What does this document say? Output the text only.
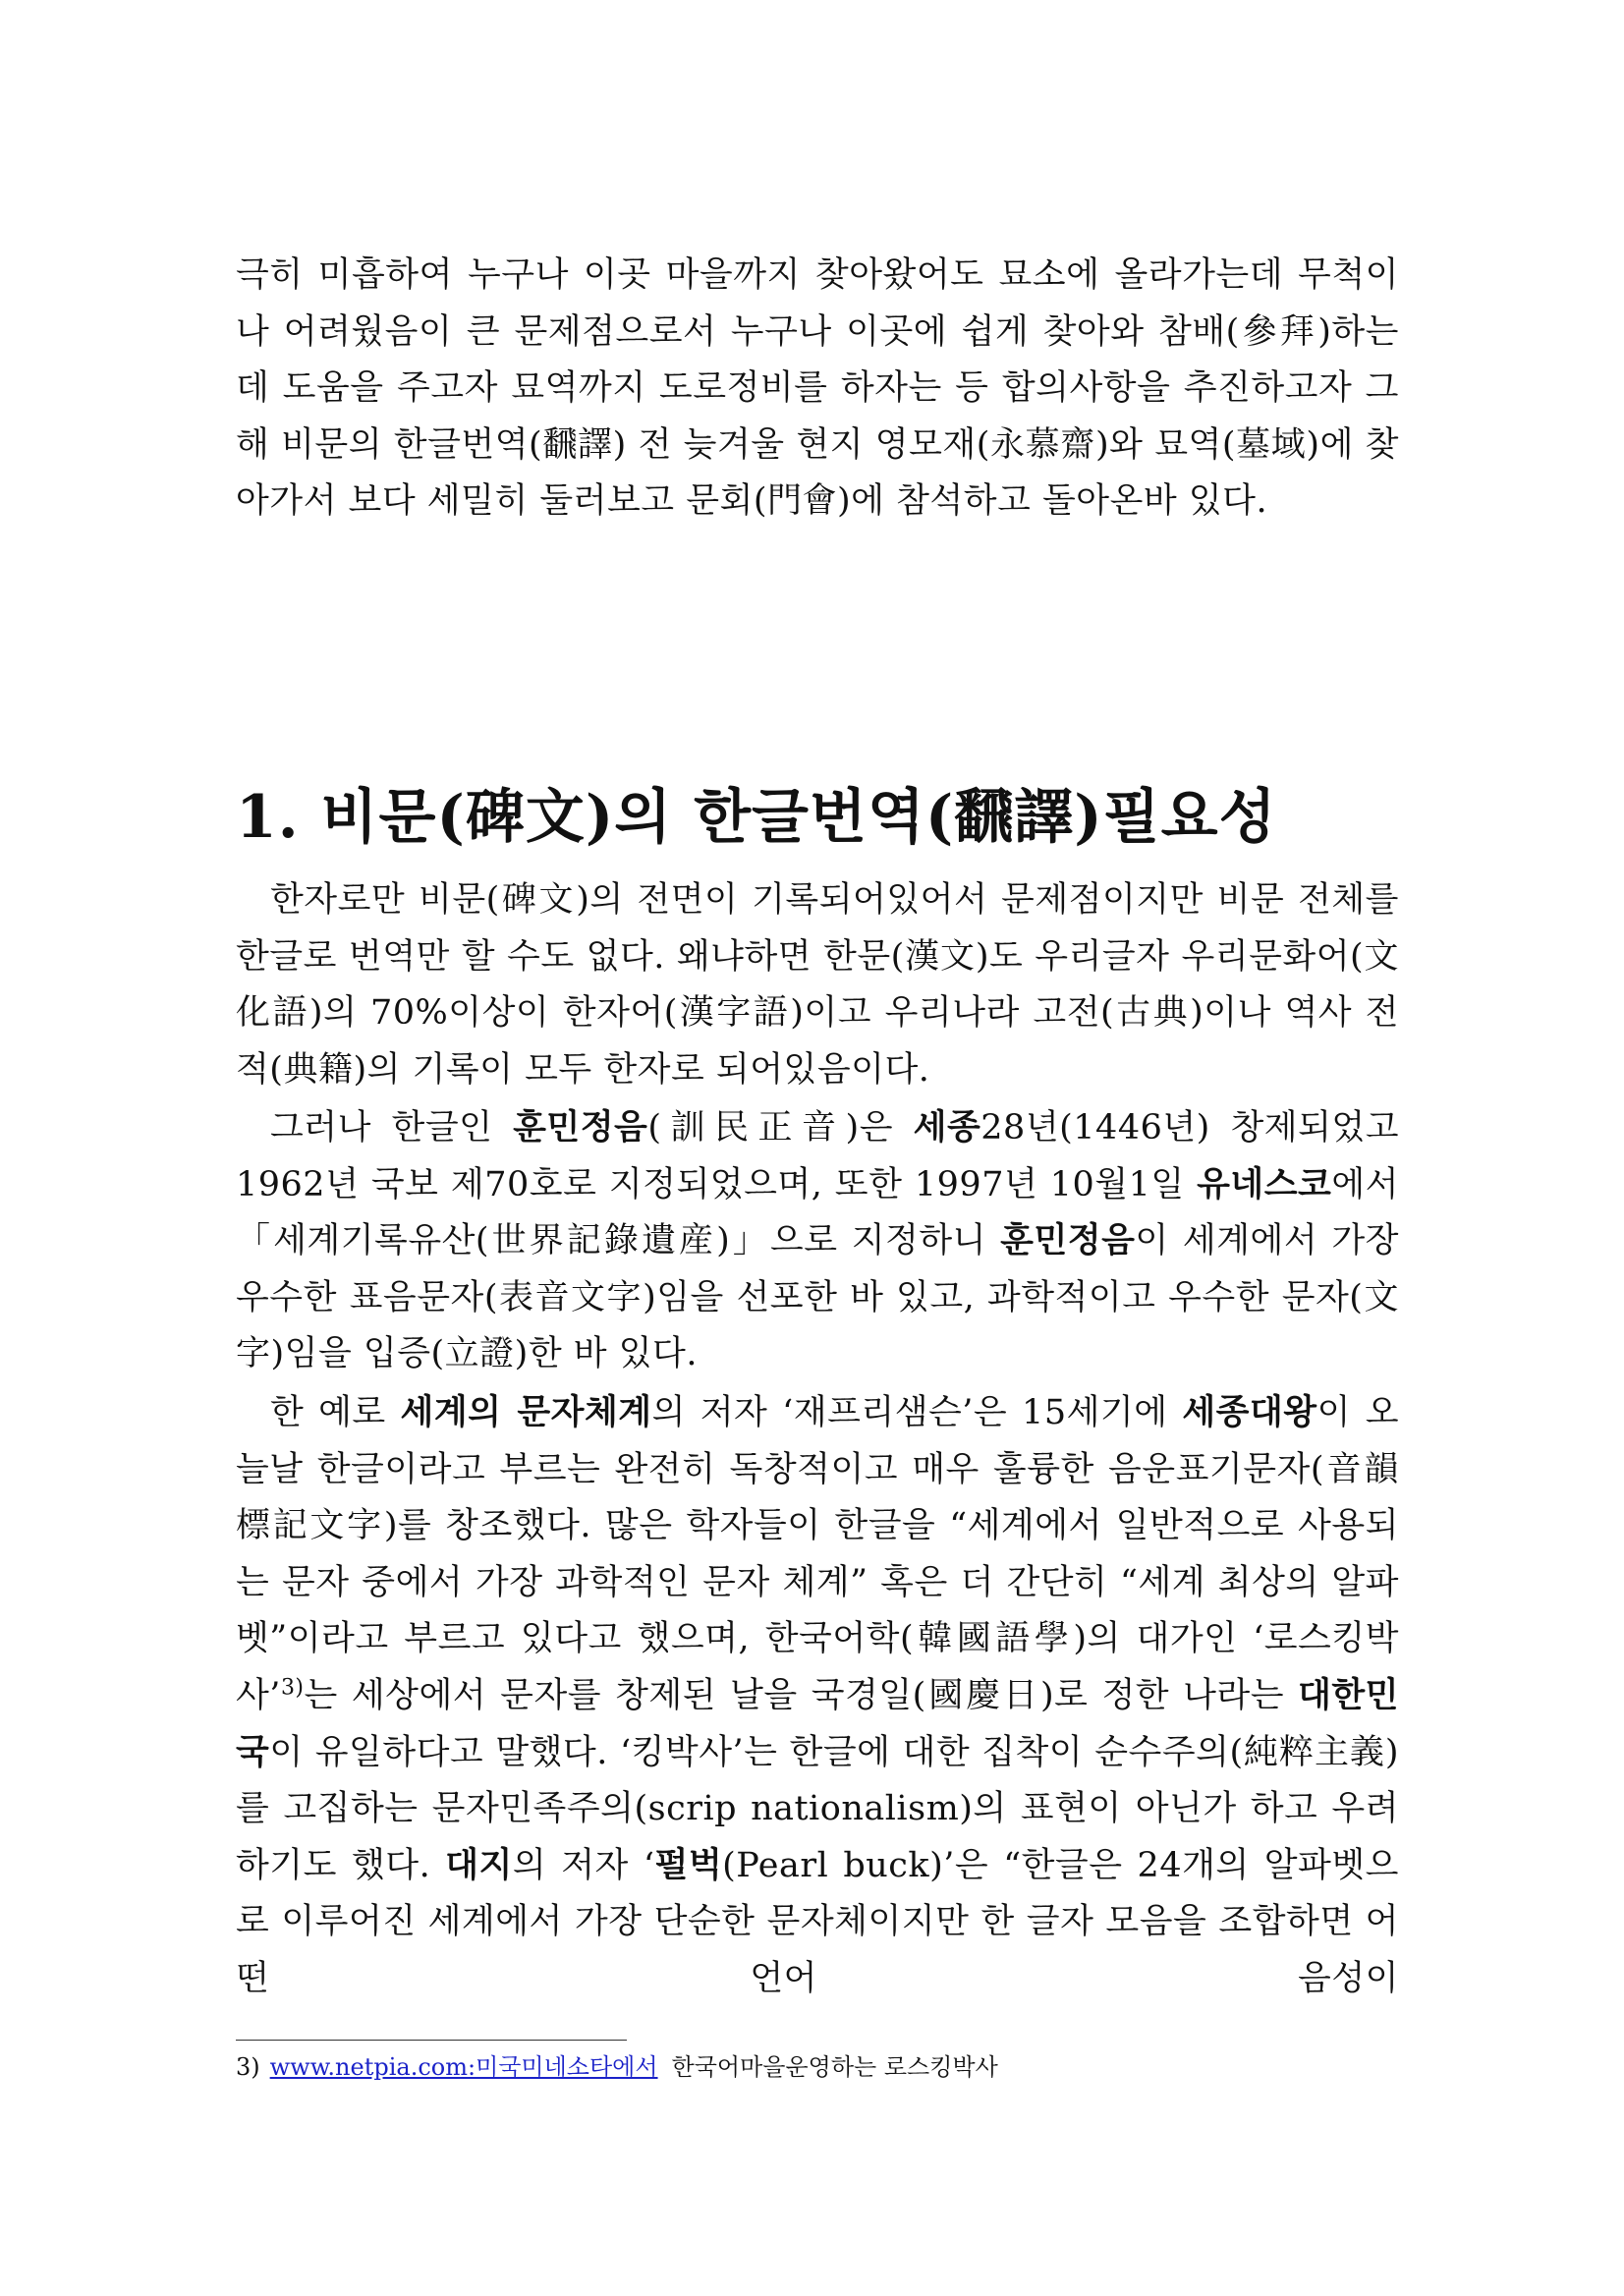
극히 미흡하여 누구나 이곳 마을까지 찾아왔어도 묘소에 올라가는데 무척이나 어려웠음이 큰 문제점으로서 누구나 이곳에 쉽게 찾아와 참배(參拜)하는데 도움을 주고자 묘역까지 도로정비를 하자는 등 합의사항을 추진하고자 그해 비문의 한글번역(飜譯) 전 늦겨울 현지 영모재(永慕齋)와 묘역(墓域)에 찾아가서 보다 세밀히 둘러보고 문회(門會)에 참석하고 돌아온바 있다.

1. 비문(碑文)의 한글번역(飜譯)필요성

한자로만 비문(碑文)의 전면이 기록되어있어서 문제점이지만 비문 전체를 한글로 번역만 할 수도 없다. 왜냐하면 한문(漢文)도 우리글자 우리문화어(文化語)의 70%이상이 한자어(漢字語)이고 우리나라 고전(古典)이나 역사 전적(典籍)의 기록이 모두 한자로 되어있음이다.

그러나 한글인 훈민정음(訓民正音)은 세종28년(1446년) 창제되었고 1962년 국보 제70호로 지정되었으며, 또한 1997년 10월1일 유네스코에서「세계기록유산(世界記錄遺産)」으로 지정하니 훈민정음이 세계에서 가장 우수한 표음문자(表音文字)임을 선포한 바 있고, 과학적이고 우수한 문자(文字)임을 입증(立證)한 바 있다.

한 예로 세계의 문자체계의 저자 ‘재프리샘슨’은 15세기에 세종대왕이 오늘날 한글이라고 부르는 완전히 독창적이고 매우 훌륭한 음운표기문자(音韻標記文字)를 창조했다. 많은 학자들이 한글을 “세계에서 일반적으로 사용되는 문자 중에서 가장 과학적인 문자 체계” 혹은 더 간단히 “세계 최상의 알파벳”이라고 부르고 있다고 했으며, 한국어학(韓國語學)의 대가인 ‘로스킹박사’$^{3)}$는 세상에서 문자를 창제된 날을 국경일(國慶日)로 정한 나라는 대한민국이 유일하다고 말했다. ‘킹박사’는 한글에 대한 집착이 순수주의(純粹主義)를 고집하는 문자민족주의(scrip nationalism)의 표현이 아닌가 하고 우려하기도 했다. 대지의 저자 ‘펄벅(Pearl buck)’은 “한글은 24개의 알파벳으로 이루어진 세계에서 가장 단순한 문자체이지만 한 글자 모음을 조합하면 어떤 언어 음성이

3) www.netpia.com:미국미네소타에서 한국어마을운영하는 로스킹박사
